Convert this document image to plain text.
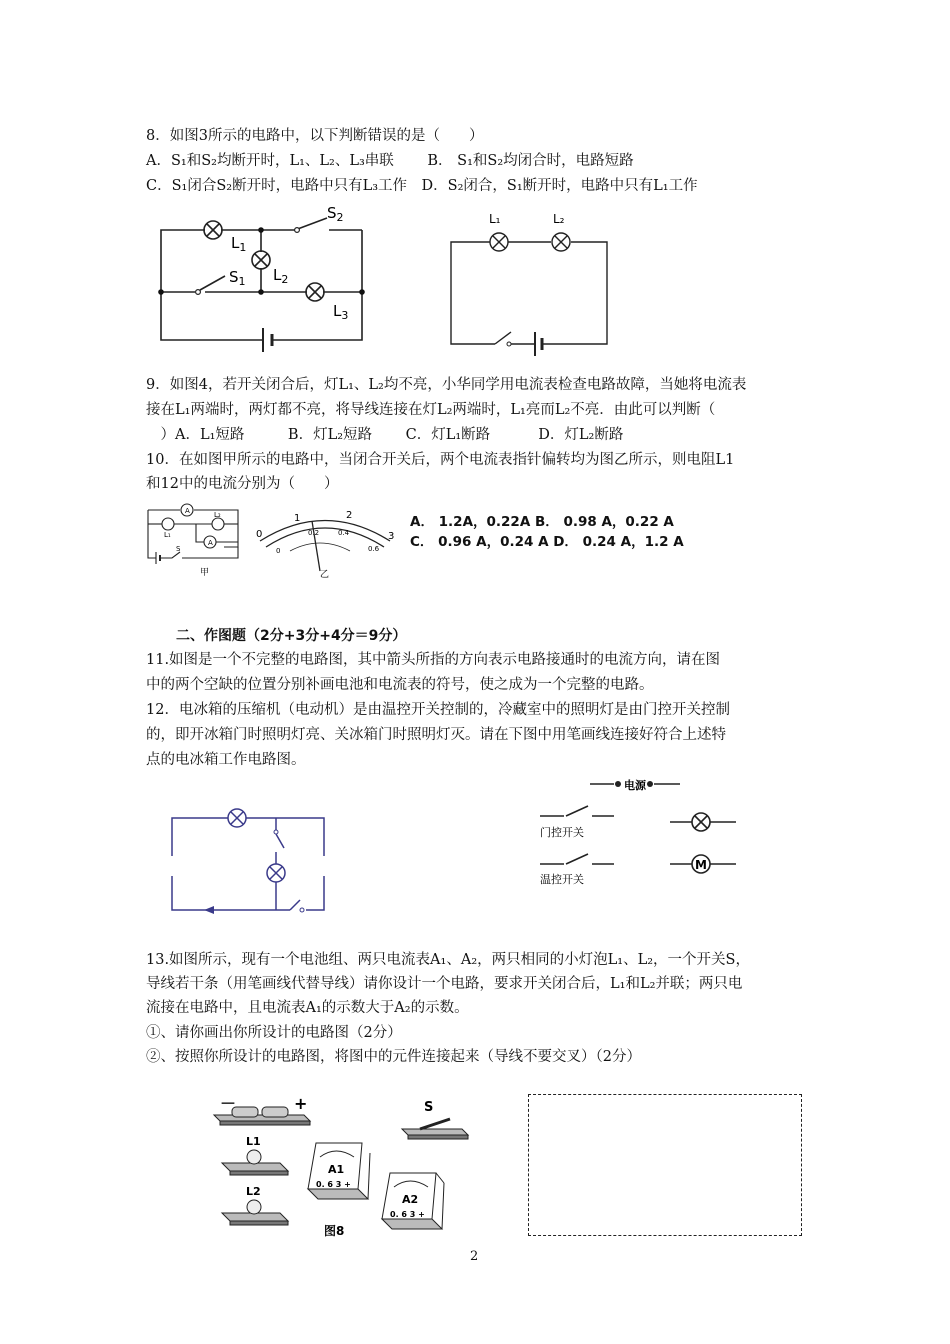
8．如图3所示的电路中，以下判断错误的是（　　）
A．S₁和S₂均断开时，L₁、L₂、L₃串联　　 B． S₁和S₂均闭合时，电路短路
C．S₁闭合S₂断开时，电路中只有L₃工作　D．S₂闭合，S₁断开时，电路中只有L₁工作
$S_2$
$L_1$
$L_2$
$S_1$
$L_3$
L₁	L₂
9．如图4，若开关闭合后，灯L₁、L₂均不亮，小华同学用电流表检查电路故障，当她将电流表
接在L₁两端时，两灯都不亮，将导线连接在灯L₂两端时，L₁亮而L₂不亮．由此可以判断（
　）A．L₁短路　　　B．灯L₂短路　　 C．灯L₁断路　　　 D．灯L₂断路
10．在如图甲所示的电路中，当闭合开关后，两个电流表指针偏转均为图乙所示，则电阻L1
和12中的电流分别为（　　）
A
A
L₁
L₂
S
甲
0
1	2
3
0
0.2	0.4
0.6
乙
A． 1.2A，0.22A B． 0.98 A，0.22 A
C． 0.96 A，0.24 A D． 0.24 A，1.2 A
二、作图题（2分+3分+4分＝9分）
11.如图是一个不完整的电路图，其中箭头所指的方向表示电路接通时的电流方向，请在图
中的两个空缺的位置分别补画电池和电流表的符号，使之成为一个完整的电路。
12．电冰箱的压缩机（电动机）是由温控开关控制的，冷藏室中的照明灯是由门控开关控制
的，即开冰箱门时照明灯亮、关冰箱门时照明灯灭。请在下图中用笔画线连接好符合上述特
点的电冰箱工作电路图。
电源
门控开关
温控开关
M
13.如图所示，现有一个电池组、两只电流表A₁、A₂，两只相同的小灯泡L₁、L₂，一个开关S，
导线若干条（用笔画线代替导线）请你设计一个电路，要求开关闭合后，L₁和L₂并联；两只电
流接在电路中，且电流表A₁的示数大于A₂的示数。
①、请你画出你所设计的电路图（2分）
②、按照你所设计的电路图，将图中的元件连接起来（导线不要交叉）（2分）
－	+	S
L1
L2
A1
0. 6 3 +
A2
0. 6 3 +
图8
2
